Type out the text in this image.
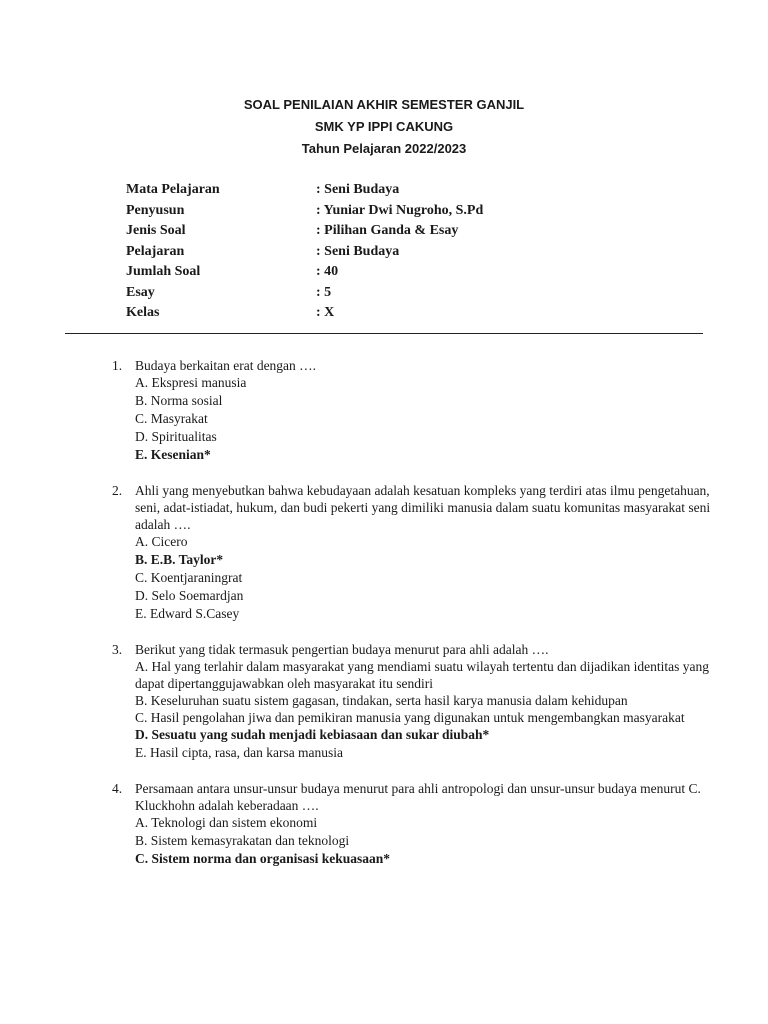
SOAL PENILAIAN AKHIR SEMESTER GANJIL
SMK YP IPPI CAKUNG
Tahun Pelajaran 2022/2023
Mata Pelajaran	: Seni Budaya
Penyusun	: Yuniar Dwi Nugroho, S.Pd
Jenis Soal	: Pilihan Ganda & Esay
Pelajaran	: Seni Budaya
Jumlah Soal	: 40
Esay	: 5
Kelas	: X
1. Budaya berkaitan erat dengan ….
A. Ekspresi manusia
B. Norma sosial
C. Masyrakat
D. Spiritualitas
E. Kesenian*
2. Ahli yang menyebutkan bahwa kebudayaan adalah kesatuan kompleks yang terdiri atas ilmu pengetahuan, seni, adat-istiadat, hukum, dan budi pekerti yang dimiliki manusia dalam suatu komunitas masyarakat seni adalah ….
A. Cicero
B. E.B. Taylor*
C. Koentjaraningrat
D. Selo Soemardjan
E. Edward S.Casey
3. Berikut yang tidak termasuk pengertian budaya menurut para ahli adalah ….
A. Hal yang terlahir dalam masyarakat yang mendiami suatu wilayah tertentu dan dijadikan identitas yang dapat dipertanggujawabkan oleh masyarakat itu sendiri
B. Keseluruhan suatu sistem gagasan, tindakan, serta hasil karya manusia dalam kehidupan
C. Hasil pengolahan jiwa dan pemikiran manusia yang digunakan untuk mengembangkan masyarakat
D. Sesuatu yang sudah menjadi kebiasaan dan sukar diubah*
E. Hasil cipta, rasa, dan karsa manusia
4. Persamaan antara unsur-unsur budaya menurut para ahli antropologi dan unsur-unsur budaya menurut C. Kluckhohn adalah keberadaan ….
A. Teknologi dan sistem ekonomi
B. Sistem kemasyrakatan dan teknologi
C. Sistem norma dan organisasi kekuasaan*
